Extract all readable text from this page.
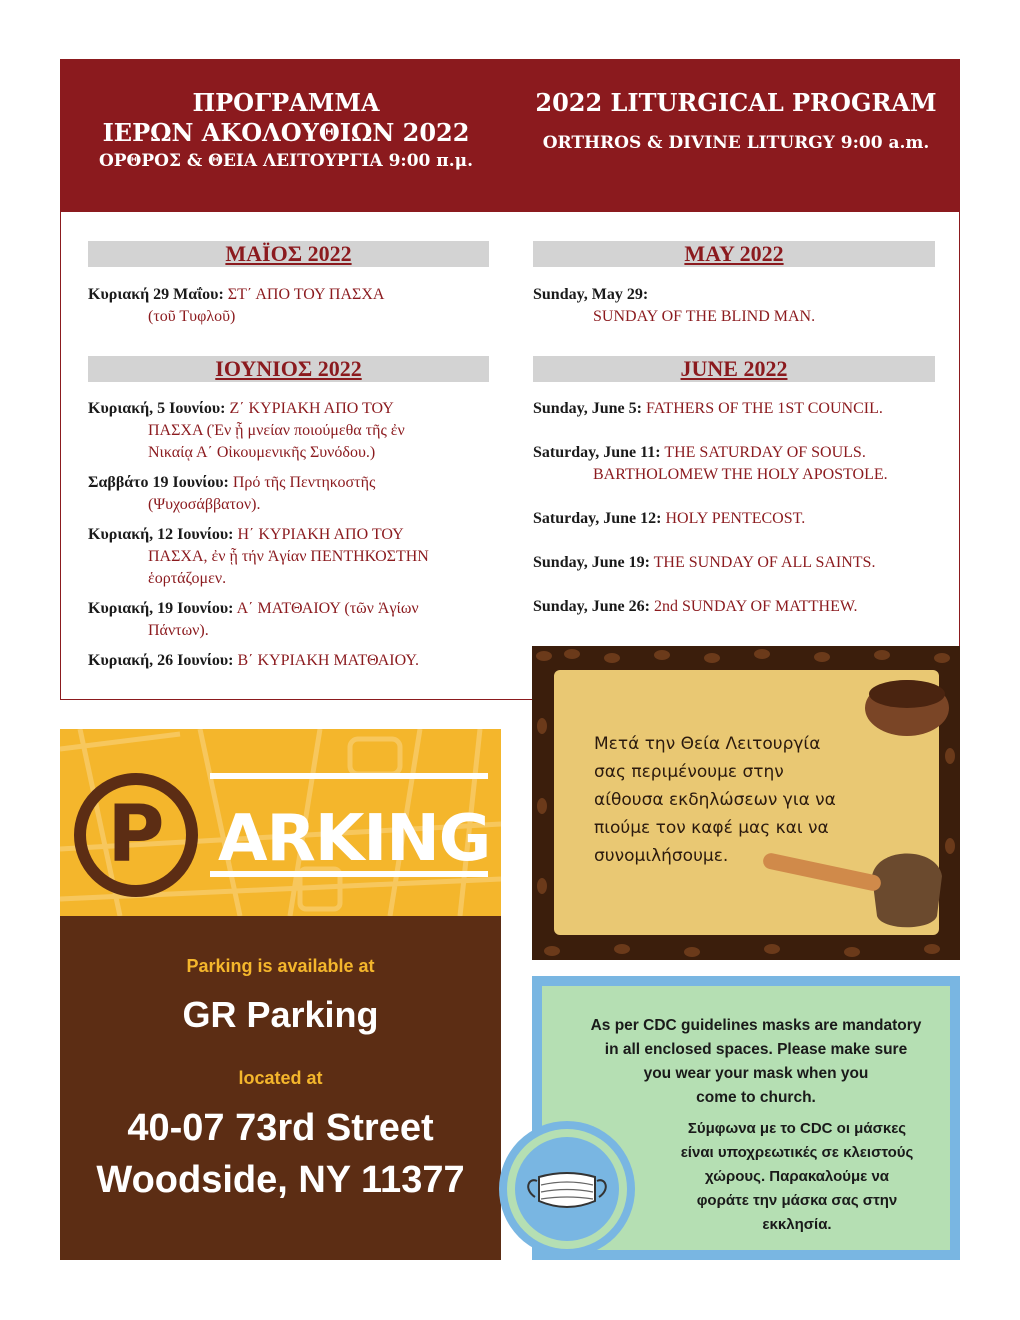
ΠΡΟΓΡΑΜΜΑ
ΙΕΡΩΝ ΑΚΟΛΟΥΘΙΩΝ 2022
ΟΡΘΡΟΣ & ΘΕΙΑ ΛΕΙΤΟΥΡΓΙΑ 9:00 π.μ.
2022 LITURGICAL PROGRAM
ORTHROS & DIVINE LITURGY 9:00 a.m.
ΜΑΪΟΣ 2022
Κυριακή 29 Μαΐου: ΣΤ΄ ΑΠΟ ΤΟΥ ΠΑΣΧΑ
(τοῦ Τυφλοῦ)
ΙΟΥΝΙΟΣ 2022
Κυριακή, 5 Ιουνίου: Ζ΄ ΚΥΡΙΑΚΗ ΑΠΟ ΤΟΥ
ΠΑΣΧΑ (Ἐν ᾗ μνείαν ποιούμεθα τῆς ἐν
Νικαίᾳ Α΄ Οἰκουμενικῆς Συνόδου.)
Σαββάτο 19 Ιουνίου: Πρό τῆς Πεντηκοστῆς
(Ψυχοσάββατον).
Κυριακή, 12 Ιουνίου: Η΄ ΚΥΡΙΑΚΗ ΑΠΟ ΤΟΥ
ΠΑΣΧΑ, ἐν ᾗ τήν Ἁγίαν ΠΕΝΤΗΚΟΣΤΗΝ
ἑορτάζομεν.
Κυριακή, 19 Ιουνίου: Α΄ ΜΑΤΘΑΙΟΥ (τῶν Ἁγίων
Πάντων).
Κυριακή, 26 Ιουνίου: Β΄ ΚΥΡΙΑΚΗ ΜΑΤΘΑΙΟΥ.
MAY 2022
Sunday, May 29:
SUNDAY OF THE BLIND MAN.
JUNE 2022
Sunday, June 5: FATHERS OF THE 1ST COUNCIL.
Saturday, June 11: THE SATURDAY OF SOULS.
BARTHOLOMEW THE HOLY APOSTOLE.
Saturday, June 12: HOLY PENTECOST.
Sunday, June 19: THE SUNDAY OF ALL SAINTS.
Sunday, June 26: 2nd SUNDAY OF MATTHEW.
P ARKING
Parking is available at
GR Parking
located at
40-07 73rd Street
Woodside, NY 11377
Μετά την Θεία Λειτουργία
σας περιμένουμε στην
αίθουσα εκδηλώσεων για να
πιούμε τον καφέ μας και να
συνομιλήσουμε.
As per CDC guidelines masks are mandatory
in all enclosed spaces. Please make sure
you wear your mask when you
come to church.
Σύμφωνα με το CDC οι μάσκες
είναι υποχρεωτικές σε κλειστούς
χώρους. Παρακαλούμε να
φοράτε την μάσκα σας στην
εκκλησία.
